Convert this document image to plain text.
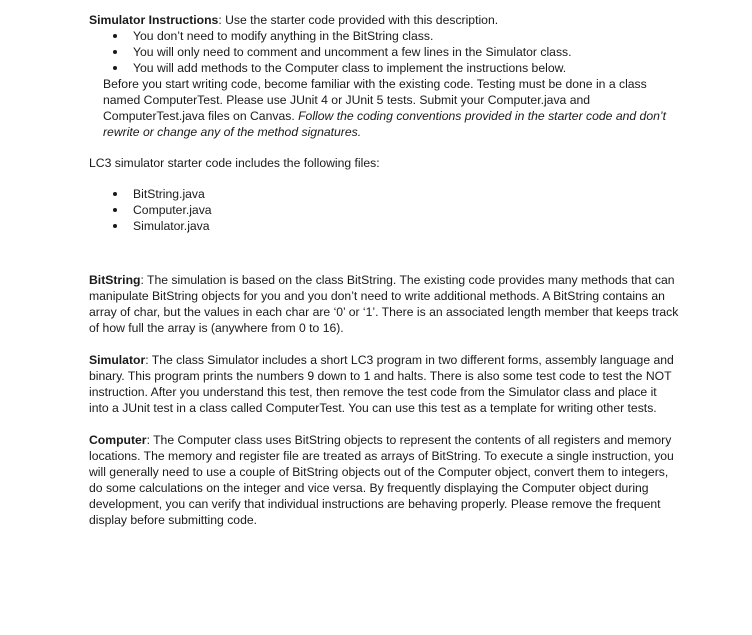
Simulator Instructions: Use the starter code provided with this description.

You don’t need to modify anything in the BitString class.
You will only need to comment and uncomment a few lines in the Simulator class.
You will add methods to the Computer class to implement the instructions below.

Before you start writing code, become familiar with the existing code. Testing must be done in a class named ComputerTest. Please use JUnit 4 or JUnit 5 tests. Submit your Computer.java and ComputerTest.java files on Canvas. Follow the coding conventions provided in the starter code and don’t rewrite or change any of the method signatures.

LC3 simulator starter code includes the following files:

BitString.java
Computer.java
Simulator.java

BitString: The simulation is based on the class BitString. The existing code provides many methods that can manipulate BitString objects for you and you don’t need to write additional methods. A BitString contains an array of char, but the values in each char are ‘0’ or ‘1’. There is an associated length member that keeps track of how full the array is (anywhere from 0 to 16).

Simulator: The class Simulator includes a short LC3 program in two different forms, assembly language and binary. This program prints the numbers 9 down to 1 and halts. There is also some test code to test the NOT instruction. After you understand this test, then remove the test code from the Simulator class and place it into a JUnit test in a class called ComputerTest. You can use this test as a template for writing other tests.

Computer: The Computer class uses BitString objects to represent the contents of all registers and memory locations. The memory and register file are treated as arrays of BitString. To execute a single instruction, you will generally need to use a couple of BitString objects out of the Computer object, convert them to integers, do some calculations on the integer and vice versa. By frequently displaying the Computer object during development, you can verify that individual instructions are behaving properly. Please remove the frequent display before submitting code.
